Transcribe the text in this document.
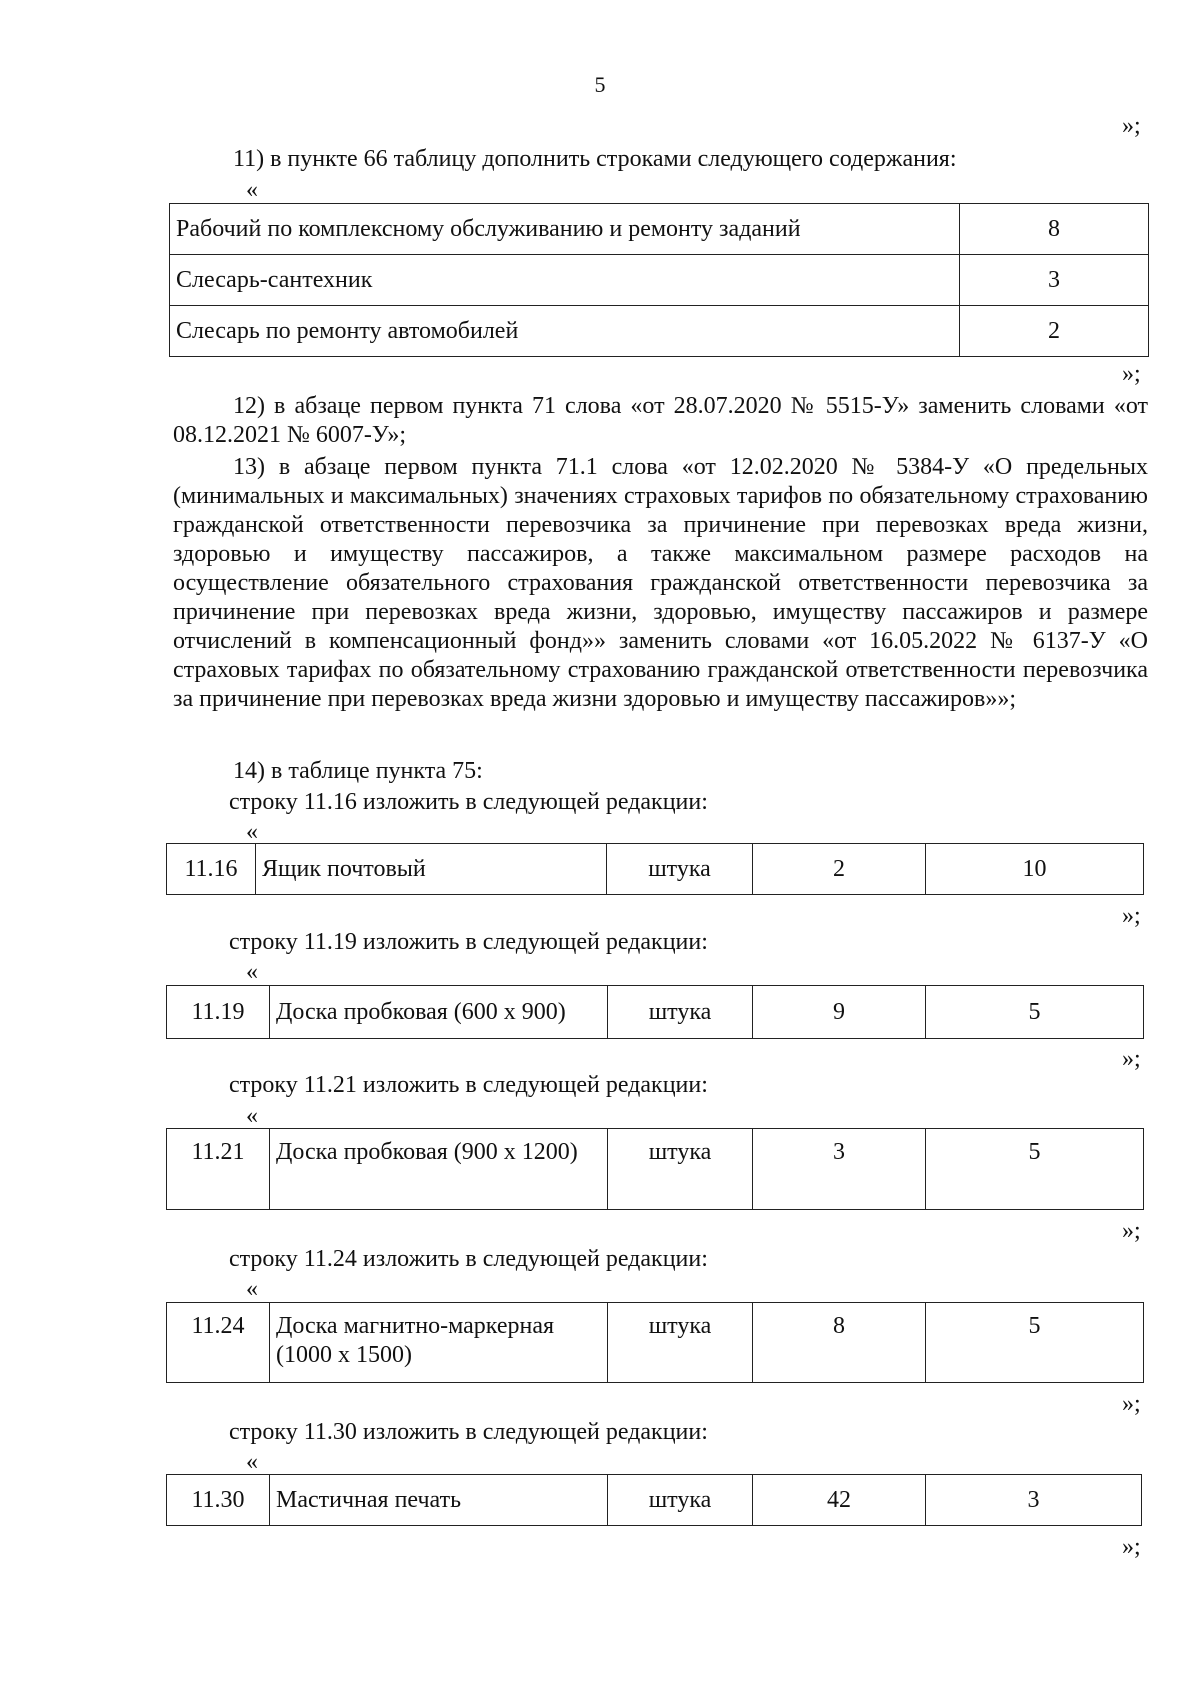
5
»;
11) в пункте 66 таблицу дополнить строками следующего содержания:
«
Рабочий по комплексному обслуживанию и ремонту заданий	8
Слесарь-сантехник	3
Слесарь по ремонту автомобилей	2
»;
12) в абзаце первом пункта 71 слова «от 28.07.2020 № 5515-У» заменить словами «от 08.12.2021 № 6007-У»;
13) в абзаце первом пункта 71.1 слова «от 12.02.2020 № 5384-У «О предельных (минимальных и максимальных) значениях страховых тарифов по обязательному страхованию гражданской ответственности перевозчика за причинение при перевозках вреда жизни, здоровью и имуществу пассажиров, а также максимальном размере расходов на осуществление обязательного страхования гражданской ответственности перевозчика за причинение при перевозках вреда жизни, здоровью, имуществу пассажиров и размере отчислений в компенсационный фонд»» заменить словами «от 16.05.2022 № 6137-У «О страховых тарифах по обязательному страхованию гражданской ответственности перевозчика за причинение при перевозках вреда жизни здоровью и имуществу пассажиров»»;
14) в таблице пункта 75:
строку 11.16 изложить в следующей редакции:
«
11.16	Ящик почтовый	штука	2	10
»;
строку 11.19 изложить в следующей редакции:
«
11.19	Доска пробковая (600 х 900)	штука	9	5
»;
строку 11.21 изложить в следующей редакции:
«
11.21	Доска пробковая (900 х 1200)	штука	3	5
»;
строку 11.24 изложить в следующей редакции:
«
11.24	Доска магнитно-маркерная (1000 х 1500)	штука	8	5
»;
строку 11.30 изложить в следующей редакции:
«
11.30	Мастичная печать	штука	42	3
»;
